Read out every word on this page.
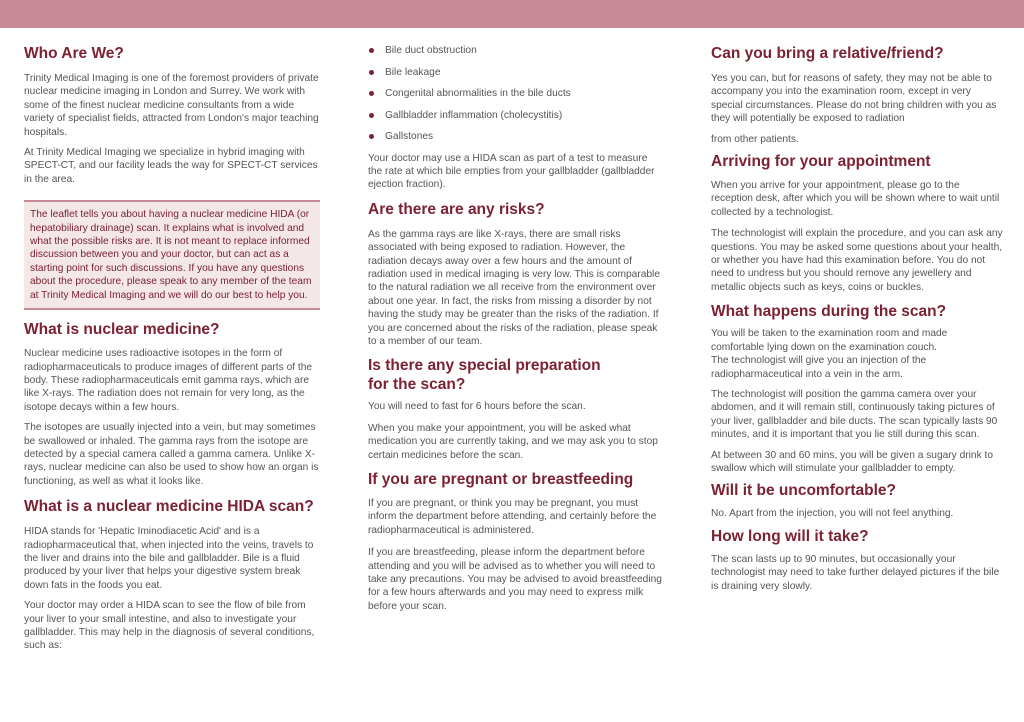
Who Are We?

Trinity Medical Imaging is one of the foremost providers of private nuclear medicine imaging in London and Surrey. We work with some of the finest nuclear medicine consultants from a wide variety of specialist fields, attracted from London's major teaching hospitals.

At Trinity Medical Imaging we specialize in hybrid imaging with SPECT-CT, and our facility leads the way for SPECT-CT services in the area.

The leaflet tells you about having a nuclear medicine HIDA (or hepatobiliary drainage) scan. It explains what is involved and what the possible risks are. It is not meant to replace informed discussion between you and your doctor, but can act as a starting point for such discussions. If you have any questions about the procedure, please speak to any member of the team at Trinity Medical Imaging and we will do our best to help you.

What is nuclear medicine?

Nuclear medicine uses radioactive isotopes in the form of radiopharmaceuticals to produce images of different parts of the body. These radiopharmaceuticals emit gamma rays, which are like X-rays. The radiation does not remain for very long, as the isotope decays within a few hours.

The isotopes are usually injected into a vein, but may sometimes be swallowed or inhaled. The gamma rays from the isotope are detected by a special camera called a gamma camera. Unlike X-rays, nuclear medicine can also be used to show how an organ is functioning, as well as what it looks like.

What is a nuclear medicine HIDA scan?

HIDA stands for 'Hepatic Iminodiacetic Acid' and is a radiopharmaceutical that, when injected into the veins, travels to the liver and drains into the bile and gallbladder. Bile is a fluid produced by your liver that helps your digestive system break down fats in the foods you eat.

Your doctor may order a HIDA scan to see the flow of bile from your liver to your small intestine, and also to investigate your gallbladder. This may help in the diagnosis of several conditions, such as:

Bile duct obstruction
Bile leakage
Congenital abnormalities in the bile ducts
Gallbladder inflammation (cholecystitis)
Gallstones

Your doctor may use a HIDA scan as part of a test to measure the rate at which bile empties from your gallbladder (gallbladder ejection fraction).

Are there are any risks?

As the gamma rays are like X-rays, there are small risks associated with being exposed to radiation. However, the radiation decays away over a few hours and the amount of radiation used in medical imaging is very low. This is comparable to the natural radiation we all receive from the environment over about one year. In fact, the risks from missing a disorder by not having the study may be greater than the risks of the radiation. If you are concerned about the risks of the radiation, please speak to a member of our team.

Is there any special preparation
for the scan?

You will need to fast for 6 hours before the scan.

When you make your appointment, you will be asked what medication you are currently taking, and we may ask you to stop certain medicines before the scan.

If you are pregnant or breastfeeding

If you are pregnant, or think you may be pregnant, you must inform the department before attending, and certainly before the radiopharmaceutical is administered.

If you are breastfeeding, please inform the department before attending and you will be advised as to whether you will need to take any precautions. You may be advised to avoid breastfeeding for a few hours afterwards and you may need to express milk before your scan.

Can you bring a relative/friend?

Yes you can, but for reasons of safety, they may not be able to accompany you into the examination room, except in very special circumstances. Please do not bring children with you as they will potentially be exposed to radiation

from other patients.

Arriving for your appointment

When you arrive for your appointment, please go to the reception desk, after which you will be shown where to wait until collected by a technologist.

The technologist will explain the procedure, and you can ask any questions. You may be asked some questions about your health, or whether you have had this examination before. You do not need to undress but you should remove any jewellery and metallic objects such as keys, coins or buckles.

What happens during the scan?

You will be taken to the examination room and made comfortable lying down on the examination couch.

The technologist will give you an injection of the radiopharmaceutical into a vein in the arm.

The technologist will position the gamma camera over your abdomen, and it will remain still, continuously taking pictures of your liver, gallbladder and bile ducts. The scan typically lasts 90 minutes, and it is important that you lie still during this scan.

At between 30 and 60 mins, you will be given a sugary drink to swallow which will stimulate your gallbladder to empty.

Will it be uncomfortable?

No. Apart from the injection, you will not feel anything.

How long will it take?

The scan lasts up to 90 minutes, but occasionally your technologist may need to take further delayed pictures if the bile is draining very slowly.
